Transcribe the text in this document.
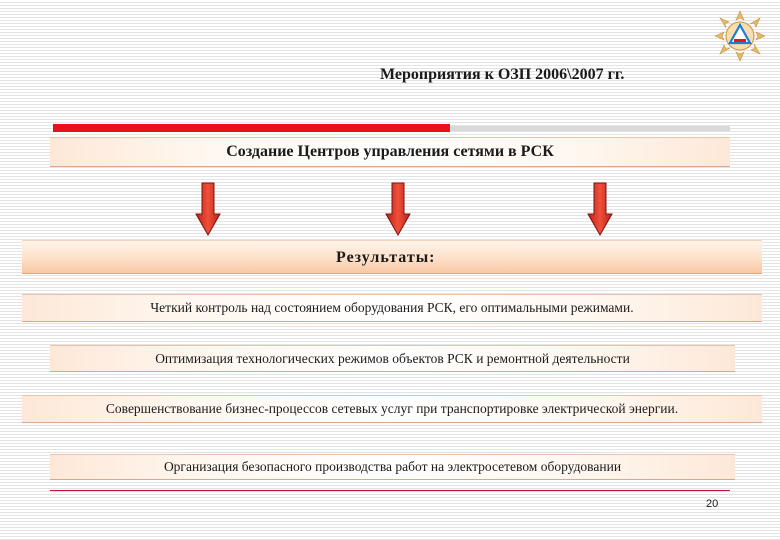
Мероприятия к ОЗП 2006\2007 гг.
Создание Центров управления сетями в РСК
Результаты:
Четкий контроль над состоянием оборудования РСК, его оптимальными режимами.
Оптимизация технологических режимов объектов РСК и ремонтной деятельности
Совершенствование бизнес-процессов сетевых услуг при транспортировке электрической энергии.
Организация безопасного производства работ на электросетевом оборудовании
20
